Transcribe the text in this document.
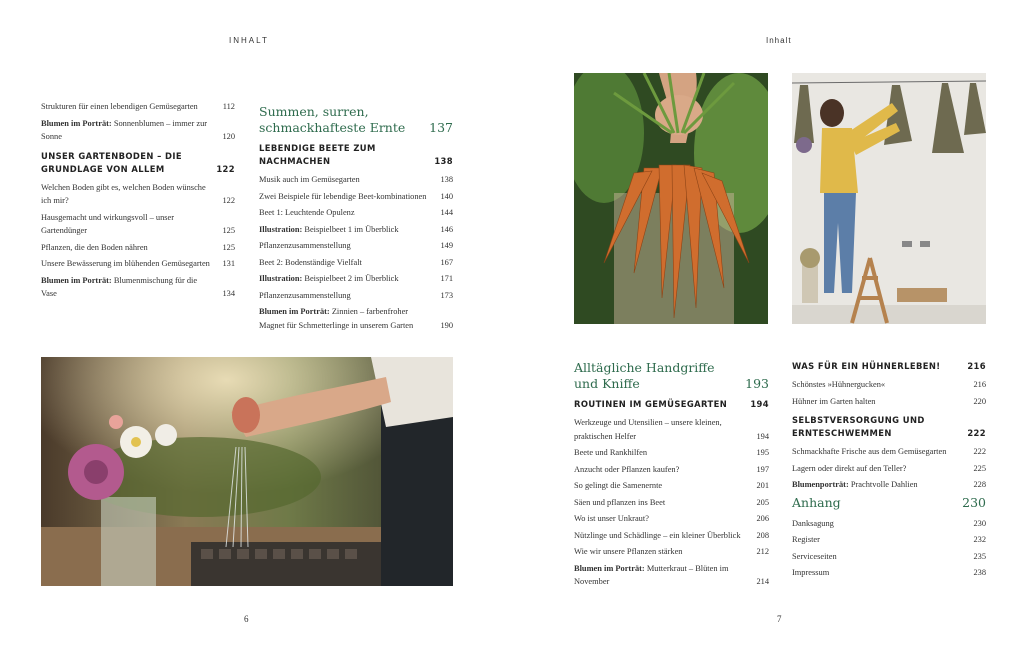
INHALT	Inhalt
6	7
Strukturen für einen lebendigen Gemüsegarten	112
Blumen im Porträt: Sonnenblumen – immer zur Sonne	120
UNSER GARTENBODEN – DIE GRUNDLAGE VON ALLEM	122
Welchen Boden gibt es, welchen Boden wünsche ich mir?	122
Hausgemacht und wirkungsvoll – unser Gartendünger	125
Pflanzen, die den Boden nähren	125
Unsere Bewässerung im blühenden Gemüsegarten	131
Blumen im Porträt: Blumenmischung für die Vase	134
Summen, surren, schmackhafteste Ernte	137
LEBENDIGE BEETE ZUM NACHMACHEN	138
Musik auch im Gemüsegarten	138
Zwei Beispiele für lebendige Beet-kombinationen	140
Beet 1: Leuchtende Opulenz	144
Illustration: Beispielbeet 1 im Überblick	146
Pflanzenzusammenstellung	149
Beet 2: Bodenständige Vielfalt	167
Illustration: Beispielbeet 2 im Überblick	171
Pflanzenzusammenstellung	173
Blumen im Porträt: Zinnien – farbenfroher Magnet für Schmetterlinge in unserem Garten	190
Alltägliche Handgriffe und Kniffe	193
ROUTINEN IM GEMÜSEGARTEN	194
Werkzeuge und Utensilien – unsere kleinen, praktischen Helfer	194
Beete und Rankhilfen	195
Anzucht oder Pflanzen kaufen?	197
So gelingt die Samenernte	201
Säen und pflanzen ins Beet	205
Wo ist unser Unkraut?	206
Nützlinge und Schädlinge – ein kleiner Überblick	208
Wie wir unsere Pflanzen stärken	212
Blumen im Porträt: Mutterkraut – Blüten im November	214
WAS FÜR EIN HÜHNERLEBEN!	216
Schönstes »Hühnergucken«	216
Hühner im Garten halten	220
SELBSTVERSORGUNG UND ERNTESCHWEMMEN	222
Schmackhafte Frische aus dem Gemüsegarten	222
Lagern oder direkt auf den Teller?	225
Blumenporträt: Prachtvolle Dahlien	228
Anhang	230
Danksagung	230
Register	232
Serviceseiten	235
Impressum	238
